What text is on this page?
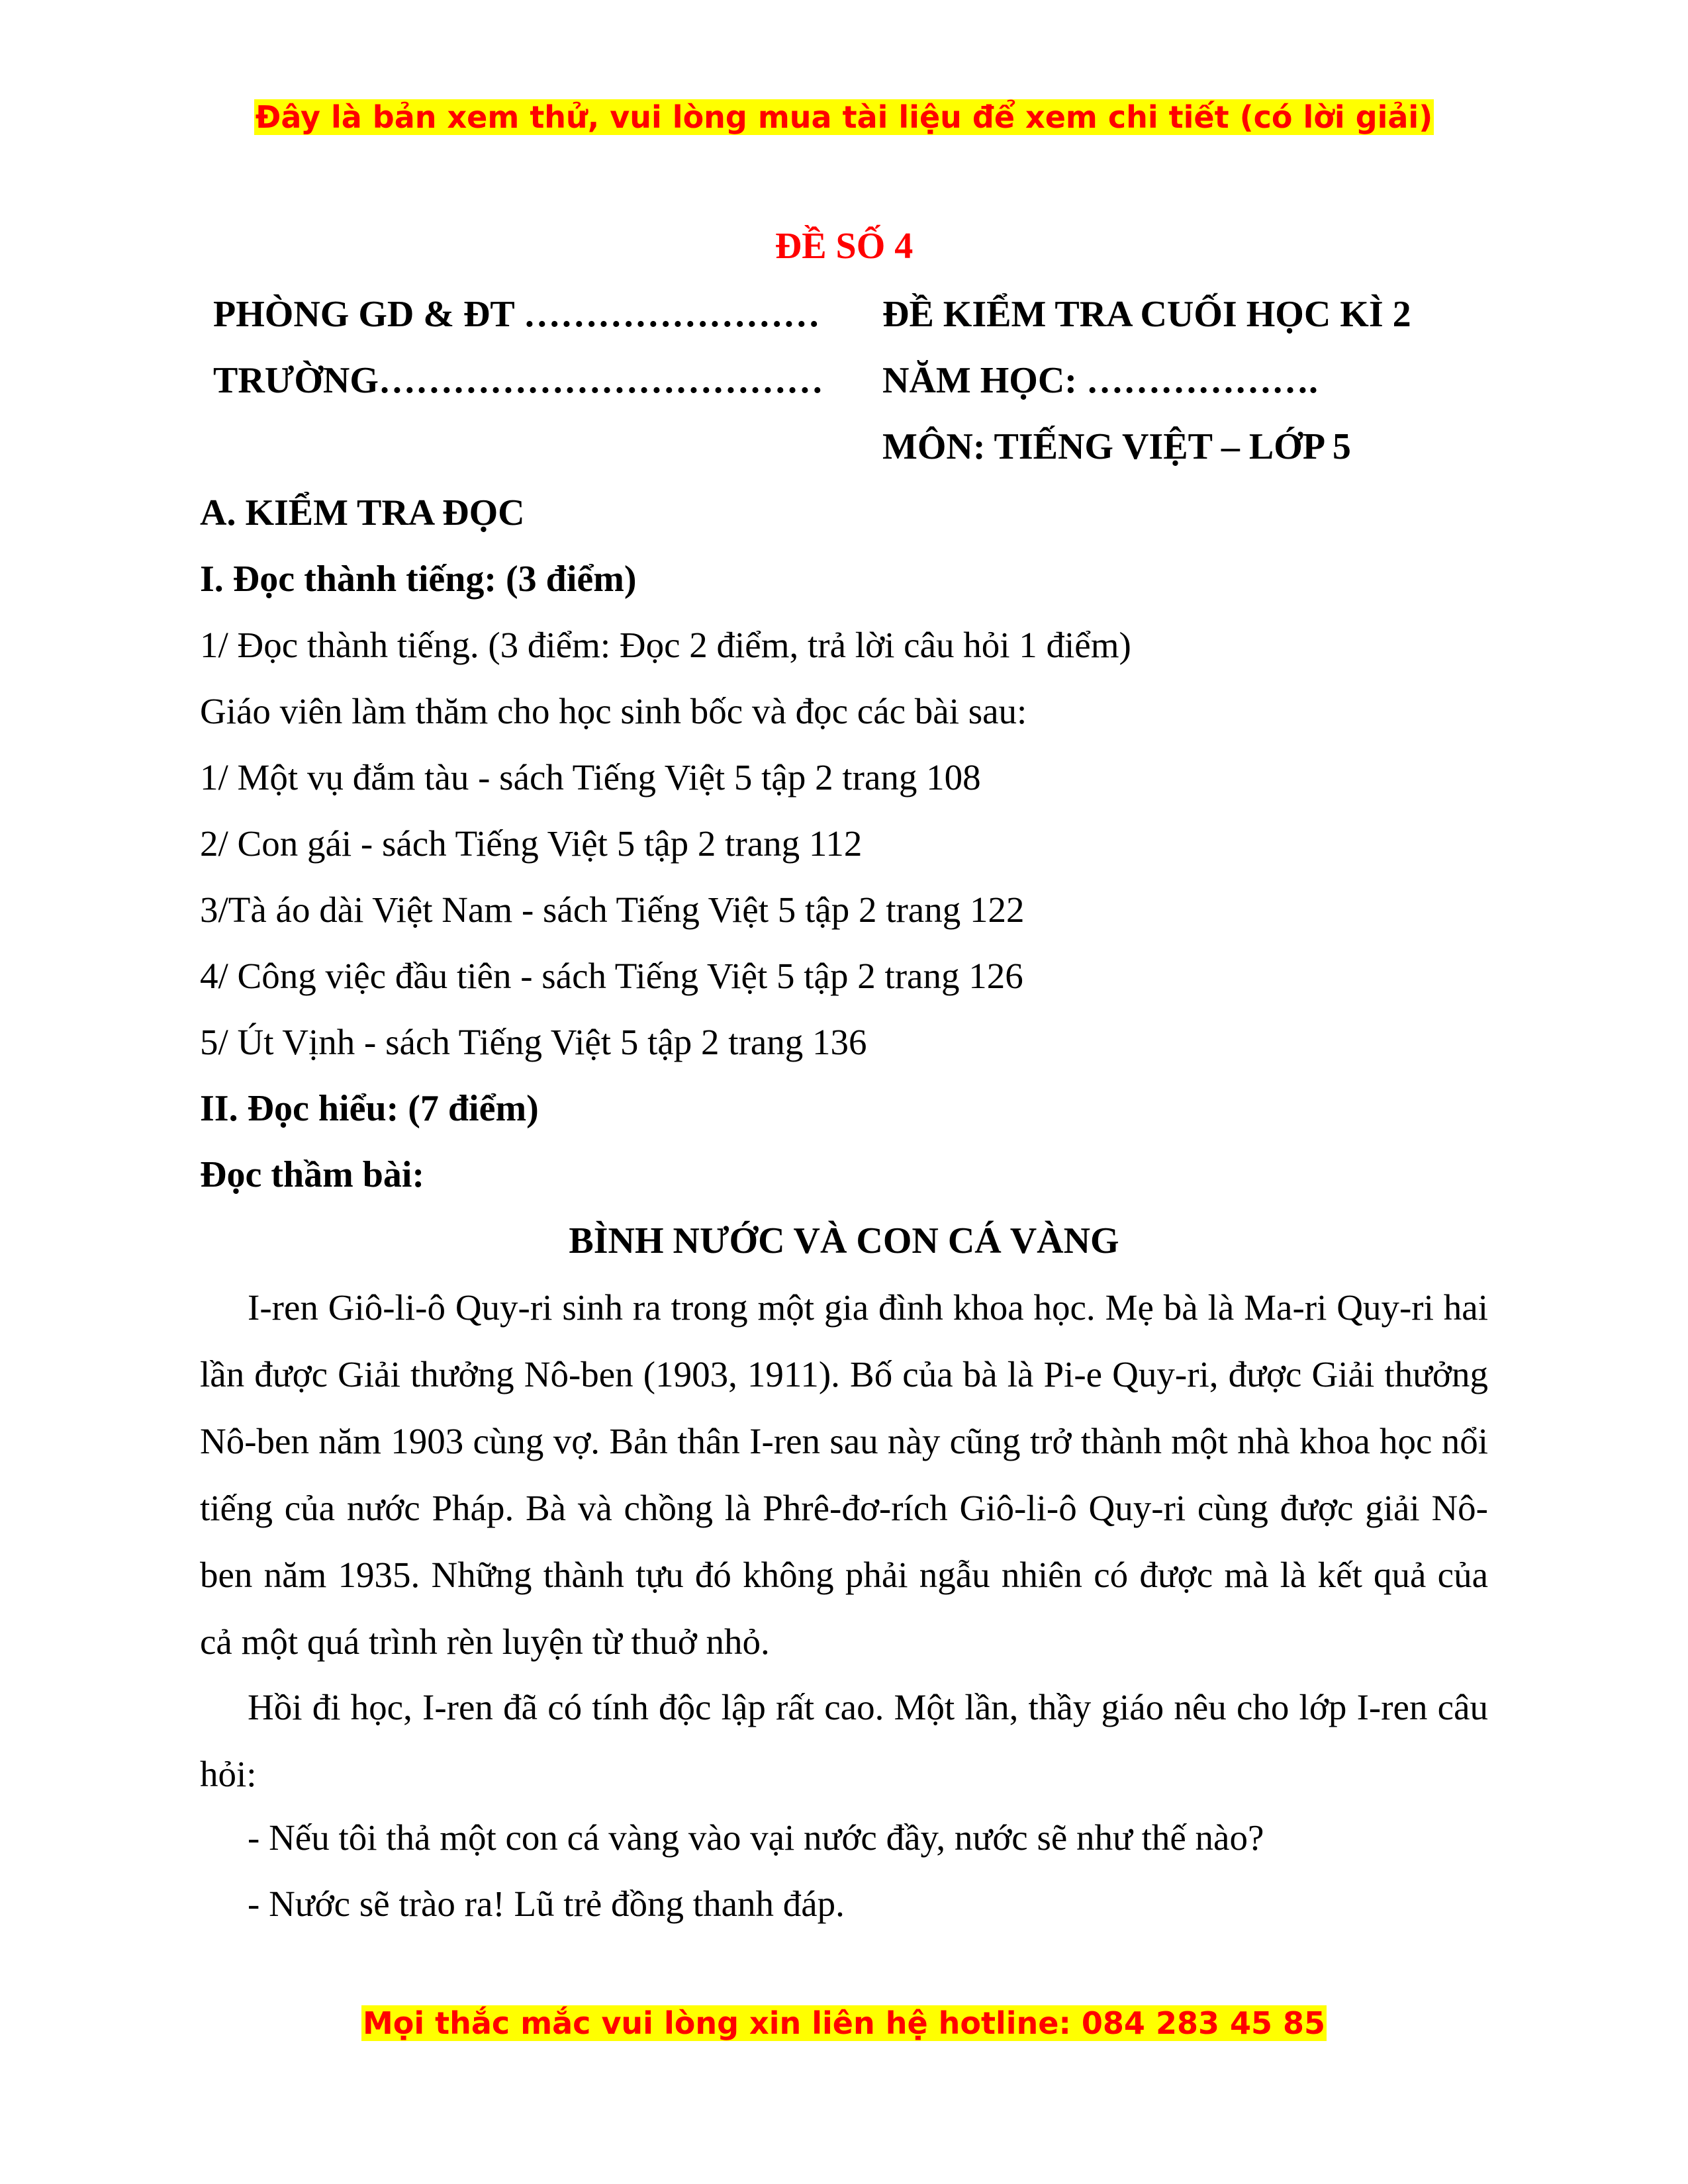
Đây là bản xem thử, vui lòng mua tài liệu để xem chi tiết (có lời giải)
ĐỀ SỐ 4
PHÒNG GD & ĐT …………………… ĐỀ KIỂM TRA CUỐI HỌC KÌ 2
TRƯỜNG……………………………… NĂM HỌC: ……………….
MÔN: TIẾNG VIỆT – LỚP 5
A. KIỂM TRA ĐỌC
I. Đọc thành tiếng: (3 điểm)
1/ Đọc thành tiếng. (3 điểm: Đọc 2 điểm, trả lời câu hỏi 1 điểm)
Giáo viên làm thăm cho học sinh bốc và đọc các bài sau:
1/ Một vụ đắm tàu - sách Tiếng Việt 5 tập 2 trang 108
2/ Con gái - sách Tiếng Việt 5 tập 2 trang 112
3/Tà áo dài Việt Nam - sách Tiếng Việt 5 tập 2 trang 122
4/ Công việc đầu tiên - sách Tiếng Việt 5 tập 2 trang 126
5/ Út Vịnh - sách Tiếng Việt 5 tập 2 trang 136
II. Đọc hiểu: (7 điểm)
Đọc thầm bài:
BÌNH NƯỚC VÀ CON CÁ VÀNG
I-ren Giô-li-ô Quy-ri sinh ra trong một gia đình khoa học. Mẹ bà là Ma-ri Quy-ri hai lần được Giải thưởng Nô-ben (1903, 1911). Bố của bà là Pi-e Quy-ri, được Giải thưởng Nô-ben năm 1903 cùng vợ. Bản thân I-ren sau này cũng trở thành một nhà khoa học nổi tiếng của nước Pháp. Bà và chồng là Phrê-đơ-rích Giô-li-ô Quy-ri cùng được giải Nô-ben năm 1935. Những thành tựu đó không phải ngẫu nhiên có được mà là kết quả của cả một quá trình rèn luyện từ thuở nhỏ.
Hồi đi học, I-ren đã có tính độc lập rất cao. Một lần, thầy giáo nêu cho lớp I-ren câu hỏi:
- Nếu tôi thả một con cá vàng vào vại nước đầy, nước sẽ như thế nào?
- Nước sẽ trào ra! Lũ trẻ đồng thanh đáp.
Mọi thắc mắc vui lòng xin liên hệ hotline: 084 283 45 85
